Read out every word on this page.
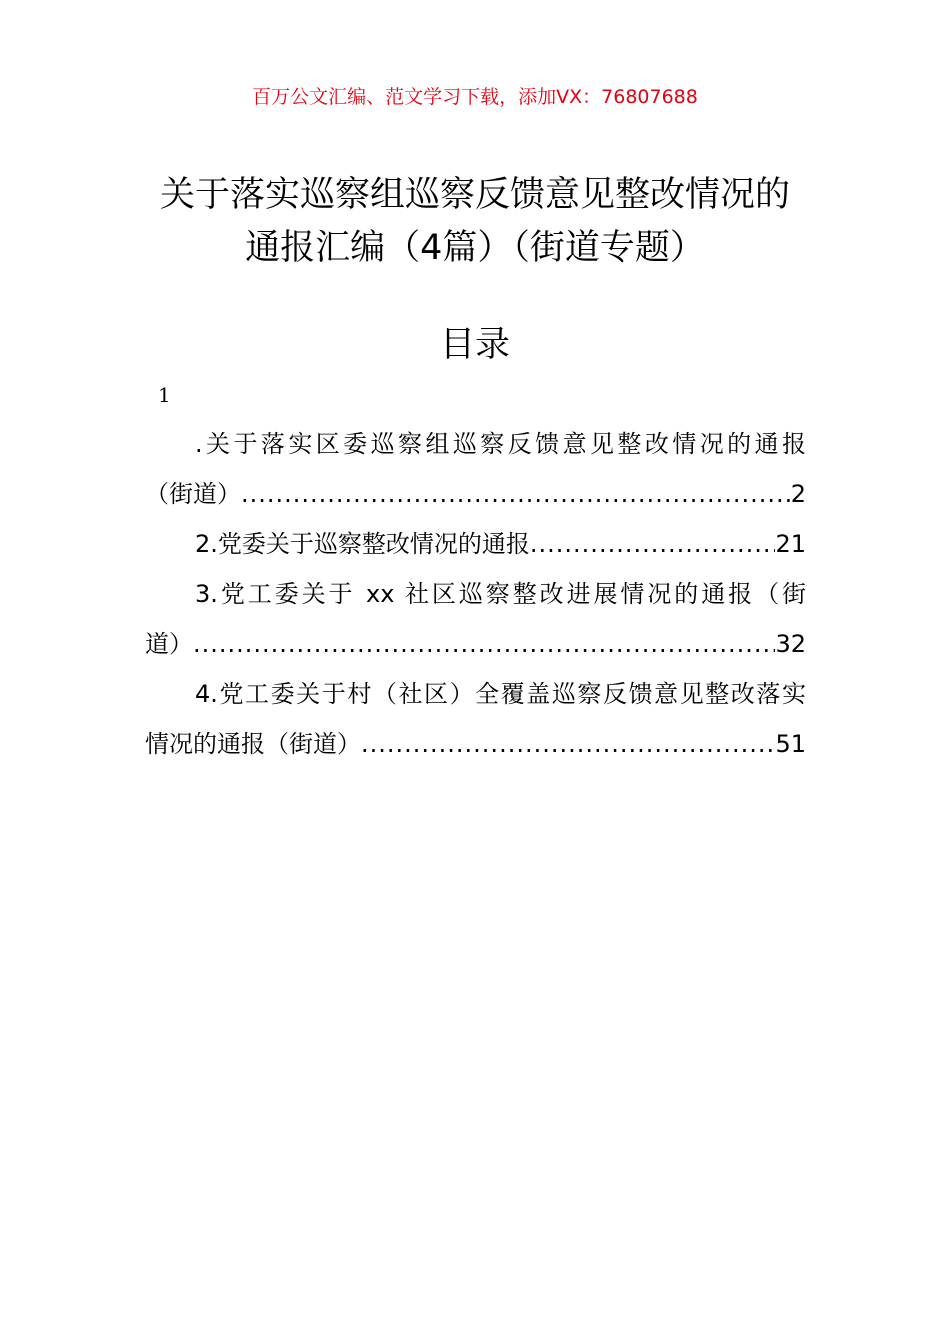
百万公文汇编、范文学习下载，添加VX：76807688
关于落实巡察组巡察反馈意见整改情况的
通报汇编（4篇）（街道专题）
目录
1
.关于落实区委巡察组巡察反馈意见整改情况的通报
（街道） .....	2
2.党委关于巡察整改情况的通报 .....	21
3.党工委关于 xx 社区巡察整改进展情况的通报（街
道） .....	32
4.党工委关于村（社区）全覆盖巡察反馈意见整改落实
情况的通报（街道） .....	51
